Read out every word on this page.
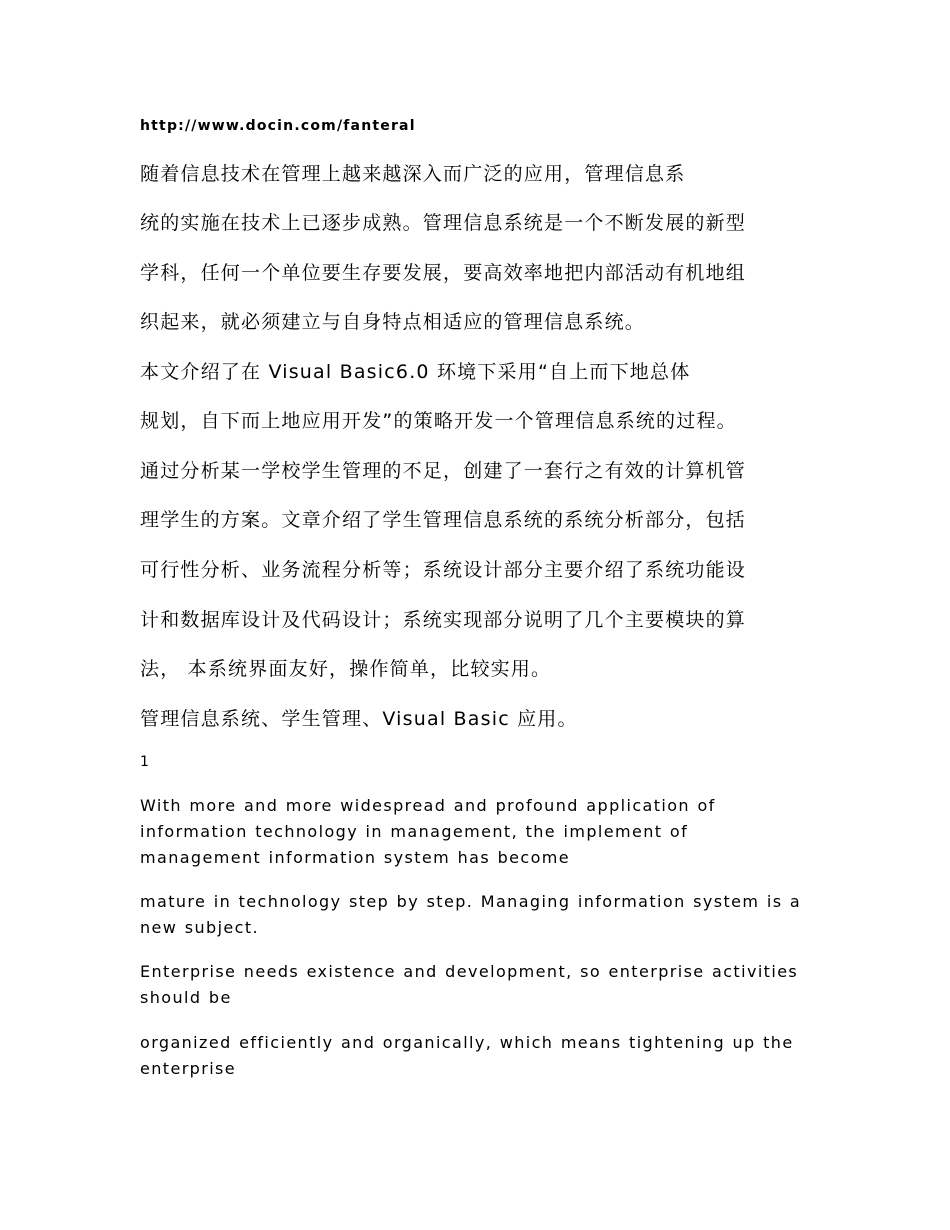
http://www.docin.com/fanteral
随着信息技术在管理上越来越深入而广泛的应用，管理信息系
统的实施在技术上已逐步成熟。管理信息系统是一个不断发展的新型
学科，任何一个单位要生存要发展，要高效率地把内部活动有机地组
织起来，就必须建立与自身特点相适应的管理信息系统。
本文介绍了在 Visual Basic6.0 环境下采用“自上而下地总体
规划，自下而上地应用开发”的策略开发一个管理信息系统的过程。
通过分析某一学校学生管理的不足，创建了一套行之有效的计算机管
理学生的方案。文章介绍了学生管理信息系统的系统分析部分，包括
可行性分析、业务流程分析等；系统设计部分主要介绍了系统功能设
计和数据库设计及代码设计；系统实现部分说明了几个主要模块的算
法， 本系统界面友好，操作简单，比较实用。
管理信息系统、学生管理、Visual Basic 应用。
1
With more and more widespread and profound application of information technology in management, the implement of management information system has become
mature in technology step by step. Managing information system is a new subject.
Enterprise needs existence and development, so enterprise activities should be
organized efficiently and organically, which means tightening up the enterprise
